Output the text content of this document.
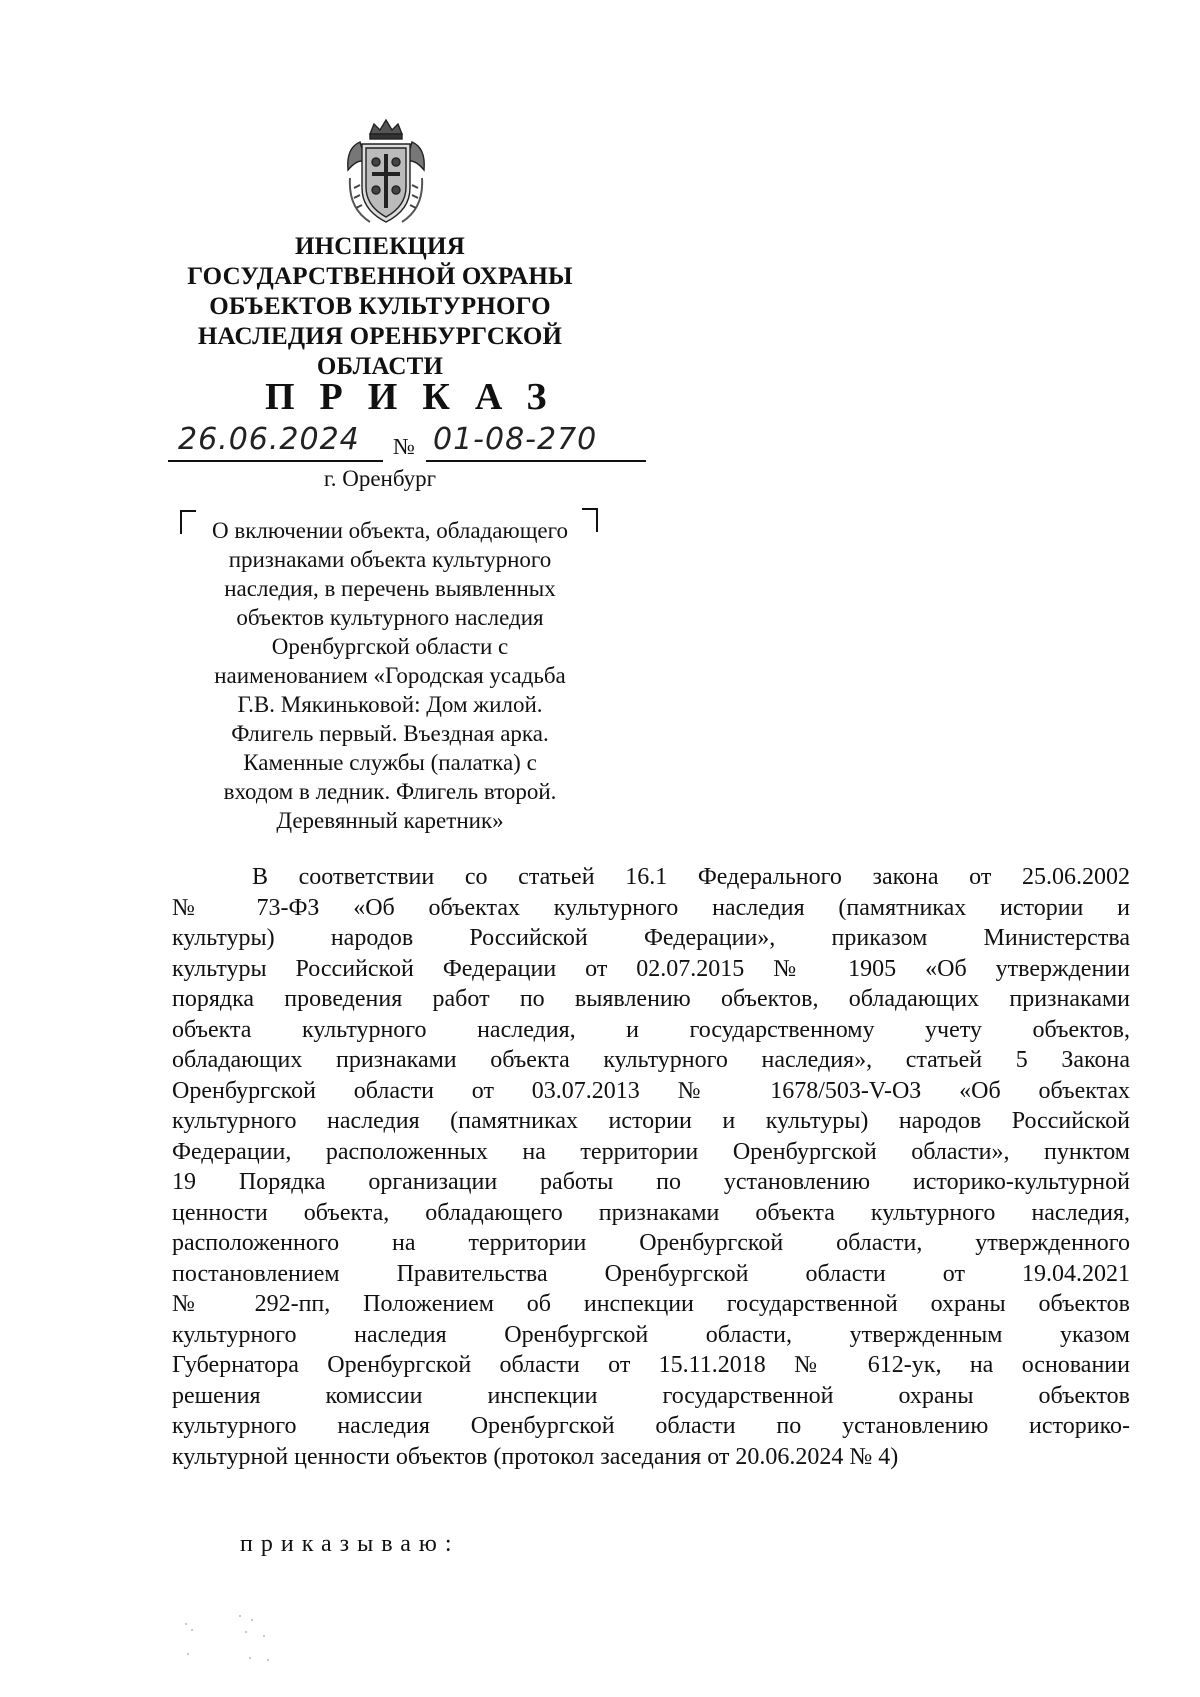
ИНСПЕКЦИЯ
ГОСУДАРСТВЕННОЙ ОХРАНЫ
ОБЪЕКТОВ КУЛЬТУРНОГО
НАСЛЕДИЯ ОРЕНБУРГСКОЙ
ОБЛАСТИ
ПРИКАЗ
26.06.2024 № 01-08-270
г. Оренбург
О включении объекта, обладающего
признаками объекта культурного
наследия, в перечень выявленных
объектов культурного наследия
Оренбургской области с
наименованием «Городская усадьба
Г.В. Мякиньковой: Дом жилой.
Флигель первый. Въездная арка.
Каменные службы (палатка) с
входом в ледник. Флигель второй.
Деревянный каретник»
В соответствии со статьей 16.1 Федерального закона от 25.06.2002
№ 73-ФЗ «Об объектах культурного наследия (памятниках истории и
культуры) народов Российской Федерации», приказом Министерства
культуры Российской Федерации от 02.07.2015 № 1905 «Об утверждении
порядка проведения работ по выявлению объектов, обладающих признаками
объекта культурного наследия, и государственному учету объектов,
обладающих признаками объекта культурного наследия», статьей 5 Закона
Оренбургской области от 03.07.2013 № 1678/503-V-ОЗ «Об объектах
культурного наследия (памятниках истории и культуры) народов Российской
Федерации, расположенных на территории Оренбургской области», пунктом
19 Порядка организации работы по установлению историко-культурной
ценности объекта, обладающего признаками объекта культурного наследия,
расположенного на территории Оренбургской области, утвержденного
постановлением Правительства Оренбургской области от 19.04.2021
№ 292-пп, Положением об инспекции государственной охраны объектов
культурного наследия Оренбургской области, утвержденным указом
Губернатора Оренбургской области от 15.11.2018 № 612-ук, на основании
решения комиссии инспекции государственной охраны объектов
культурного наследия Оренбургской области по установлению историко-
культурной ценности объектов (протокол заседания от 20.06.2024 № 4)
приказываю:
